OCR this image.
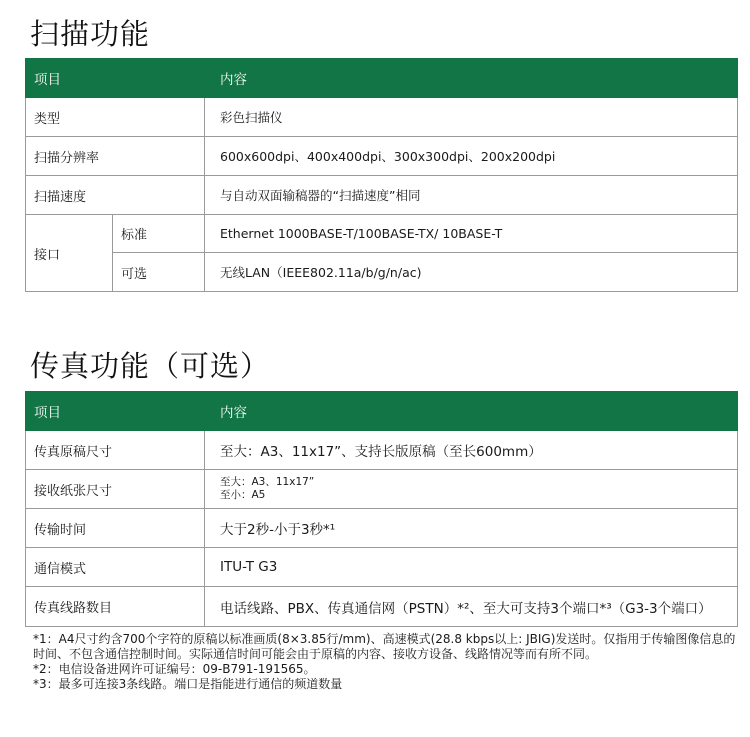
扫描功能
项目		内容
类型		彩色扫描仪
扫描分辨率		600x600dpi、400x400dpi、300x300dpi、200x200dpi
扫描速度		与自动双面输稿器的“扫描速度”相同
接口	标准	Ethernet 1000BASE-T/100BASE-TX/ 10BASE-T
	可选	无线LAN（IEEE802.11a/b/g/n/ac)
传真功能（可选）
项目	内容
传真原稿尺寸	至大：A3、11x17”、支持长版原稿（至长600mm）
接收纸张尺寸	至大：A3、11x17”
至小：A5

传输时间	大于2秒-小于3秒*¹
通信模式	ITU-T G3
传真线路数目	电话线路、PBX、传真通信网（PSTN）*²、至大可支持3个端口*³（G3-3个端口）

*1：A4尺寸约含700个字符的原稿以标准画质(8×3.85行/mm)、高速模式(28.8 kbps以上: JBIG)发送时。仅指用于传输图像信息的时间、不包含通信控制时间。实际通信时间可能会由于原稿的内容、接收方设备、线路情况等而有所不同。

*2：电信设备进网许可证编号：09-B791-191565。

*3：最多可连接3条线路。端口是指能进行通信的频道数量
